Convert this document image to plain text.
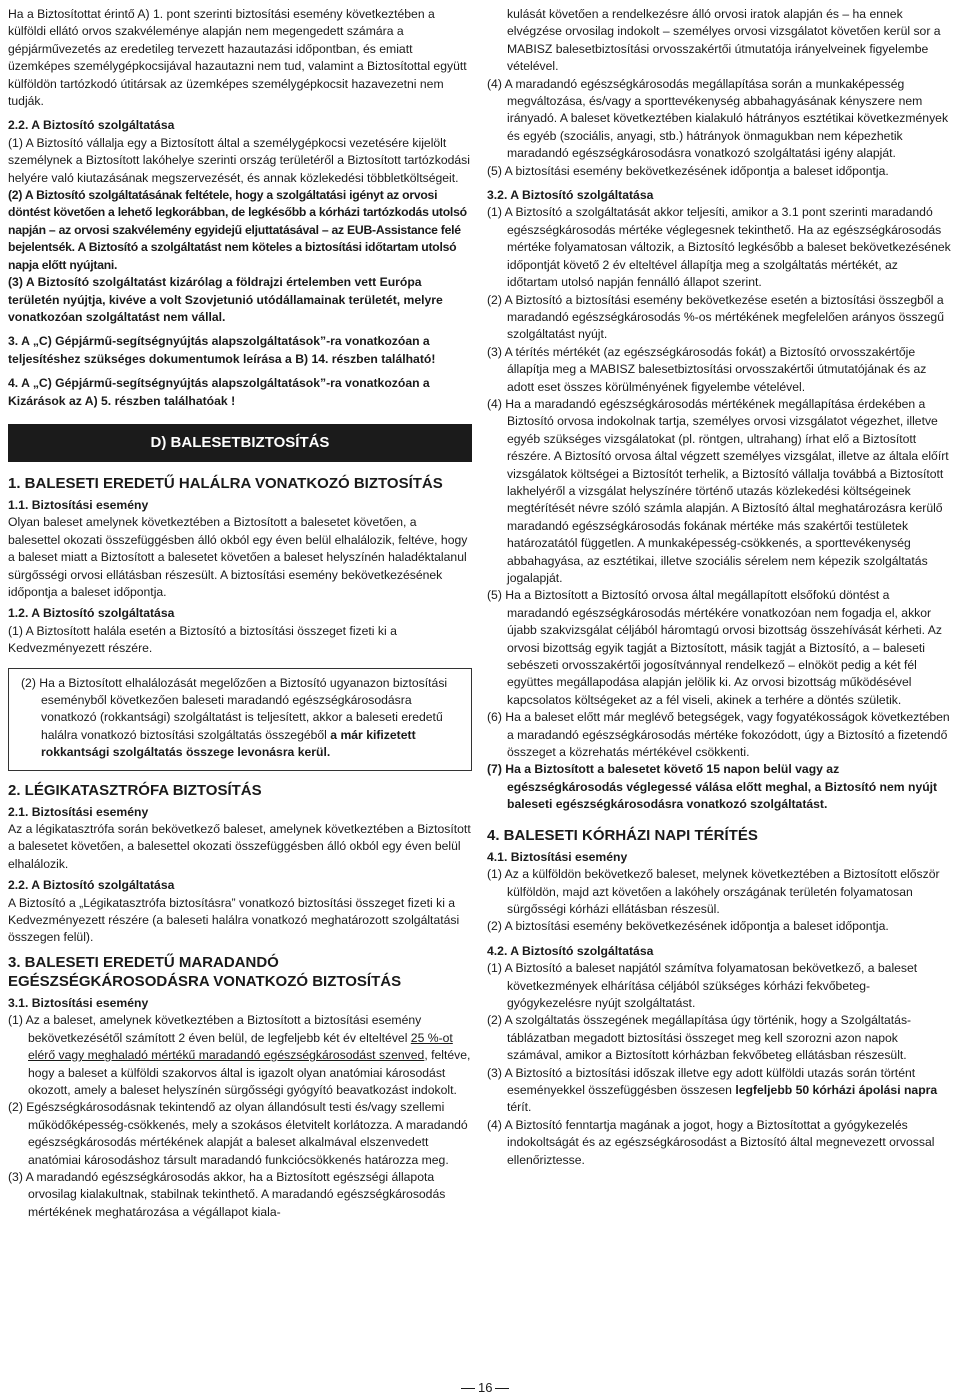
Ha a Biztosítottat érintő A) 1. pont szerinti biztosítási esemény következtében a külföldi ellátó orvos szakvéleménye alapján nem megengedett számára a gépjárművezetés az eredetileg tervezett hazautazási időpontban, és emiatt üzemképes személygépkocsijával hazautazni nem tud, valamint a Biztosítottal együtt külföldön tartózkodó útitársak az üzemképes személygépkocsit hazavezetni nem tudják.

2.2. A Biztosító szolgáltatása

(1) A Biztosító vállalja egy a Biztosított által a személygépkocsi vezetésére kijelölt személynek a Biztosított lakóhelye szerinti ország területéről a Biztosított tartózkodási helyére való kiutazásának megszervezését, és annak közlekedési többletköltségeit.

(2) A Biztosító szolgáltatásának feltétele, hogy a szolgáltatási igényt az orvosi döntést követően a lehető legkorábban, de legkésőbb a kórházi tartózkodás utolsó napján – az orvosi szakvélemény egyidejű eljuttatásával – az EUB-Assistance felé bejelentsék. A Biztosító a szolgáltatást nem köteles a biztosítási időtartam utolsó napja előtt nyújtani.

(3) A Biztosító szolgáltatást kizárólag a földrajzi értelemben vett Európa területén nyújtja, kivéve a volt Szovjetunió utódállamainak területét, melyre vonatkozóan szolgáltatást nem vállal.

3. A „C) Gépjármű-segítségnyújtás alapszolgáltatások”-ra vonatkozóan a teljesítéshez szükséges dokumentumok leírása a B) 14. részben található!

4. A „C) Gépjármű-segítségnyújtás alapszolgáltatások”-ra vonatkozóan a Kizárások az A) 5. részben találhatóak !

D) BALESETBIZTOSÍTÁS

1. BALESETI EREDETŰ HALÁLRA VONATKOZÓ BIZTOSÍTÁS

1.1. Biztosítási esemény

Olyan baleset amelynek következtében a Biztosított a balesetet követően, a balesettel okozati összefüggésben álló okból egy éven belül elhalálozik, feltéve, hogy a baleset miatt a Biztosított a balesetet követően a baleset helyszínén haladéktalanul sürgősségi orvosi ellátásban részesült. A biztosítási esemény bekövetkezésének időpontja a baleset időpontja.

1.2. A Biztosító szolgáltatása

(1) A Biztosított halála esetén a Biztosító a biztosítási összeget fizeti ki a Kedvezményezett részére.

(2) Ha a Biztosított elhalálozását megelőzően a Biztosító ugyanazon biztosítási eseményből következően baleseti maradandó egészségkárosodásra vonatkozó (rokkantsági) szolgáltatást is teljesített, akkor a baleseti eredetű halálra vonatkozó biztosítási szolgáltatás összegéből a már kifizetett rokkantsági szolgáltatás összege levonásra kerül.

2. LÉGIKATASZTRÓFA BIZTOSÍTÁS

2.1. Biztosítási esemény

Az a légikatasztrófa során bekövetkező baleset, amelynek következtében a Biztosított a balesetet követően, a balesettel okozati összefüggésben álló okból egy éven belül elhalálozik.

2.2. A Biztosító szolgáltatása

A Biztosító a „Légikatasztrófa biztosításra” vonatkozó biztosítási összeget fizeti ki a Kedvezményezett részére (a baleseti halálra vonatkozó meghatározott szolgáltatási összegen felül).

3. BALESETI EREDETŰ MARADANDÓ EGÉSZSÉGKÁROSODÁSRA VONATKOZÓ BIZTOSÍTÁS

3.1. Biztosítási esemény

(1) Az a baleset, amelynek következtében a Biztosított a biztosítási esemény bekövetkezésétől számított 2 éven belül, de legfeljebb két év elteltével 25 %-ot elérő vagy meghaladó mértékű maradandó egészségkárosodást szenved, feltéve, hogy a baleset a külföldi szakorvos által is igazolt olyan anatómiai károsodást okozott, amely a baleset helyszínén sürgősségi gyógyító beavatkozást indokolt.

(2) Egészségkárosodásnak tekintendő az olyan állandósult testi és/vagy szellemi működőképesség-csökkenés, mely a szokásos életvitelt korlátozza. A maradandó egészségkárosodás mértékének alapját a baleset alkalmával elszenvedett anatómiai károsodáshoz társult maradandó funkciócsökkenés határozza meg.

(3) A maradandó egészségkárosodás akkor, ha a Biztosított egészségi állapota orvosilag kialakultnak, stabilnak tekinthető. A maradandó egészségkárosodás mértékének meghatározása a végállapot kiala-

kulását követően a rendelkezésre álló orvosi iratok alapján és – ha ennek elvégzése orvosilag indokolt – személyes orvosi vizsgálatot követően kerül sor a MABISZ balesetbiztosítási orvosszakértői útmutatója irányelveinek figyelembe vételével.

(4) A maradandó egészségkárosodás megállapítása során a munkaképesség megváltozása, és/vagy a sporttevékenység abbahagyásának kényszere nem irányadó. A baleset következtében kialakuló hátrányos esztétikai következmények és egyéb (szociális, anyagi, stb.) hátrányok önmagukban nem képezhetik maradandó egészségkárosodásra vonatkozó szolgáltatási igény alapját.

(5) A biztosítási esemény bekövetkezésének időpontja a baleset időpontja.

3.2. A Biztosító szolgáltatása

(1) A Biztosító a szolgáltatását akkor teljesíti, amikor a 3.1 pont szerinti maradandó egészségkárosodás mértéke véglegesnek tekinthető. Ha az egészségkárosodás mértéke folyamatosan változik, a Biztosító legkésőbb a baleset bekövetkezésének időpontját követő 2 év elteltével állapítja meg a szolgáltatás mértékét, az időtartam utolsó napján fennálló állapot szerint.

(2) A Biztosító a biztosítási esemény bekövetkezése esetén a biztosítási összegből a maradandó egészségkárosodás %-os mértékének megfelelően arányos összegű szolgáltatást nyújt.

(3) A térítés mértékét (az egészségkárosodás fokát) a Biztosító orvosszakértője állapítja meg a MABISZ balesetbiztosítási orvosszakértői útmutatójának és az adott eset összes körülményének figyelembe vételével.

(4) Ha a maradandó egészségkárosodás mértékének megállapítása érdekében a Biztosító orvosa indokolnak tartja, személyes orvosi vizsgálatot végezhet, illetve egyéb szükséges vizsgálatokat (pl. röntgen, ultrahang) írhat elő a Biztosított részére. A Biztosító orvosa által végzett személyes vizsgálat, illetve az általa előírt vizsgálatok költségei a Biztosítót terhelik, a Biztosító vállalja továbbá a Biztosított lakhelyéről a vizsgálat helyszínére történő utazás közlekedési költségeinek megtérítését névre szóló számla alapján. A Biztosító által meghatározásra kerülő maradandó egészségkárosodás fokának mértéke más szakértői testületek határozatától független. A munkaképesség-csökkenés, a sporttevékenység abbahagyása, az esztétikai, illetve szociális sérelem nem képezik szolgáltatás jogalapját.

(5) Ha a Biztosított a Biztosító orvosa által megállapított elsőfokú döntést a maradandó egészségkárosodás mértékére vonatkozóan nem fogadja el, akkor újabb szakvizsgálat céljából háromtagú orvosi bizottság összehívását kérheti. Az orvosi bizottság egyik tagját a Biztosított, másik tagját a Biztosító, a – baleseti sebészeti orvosszakértői jogosítvánnyal rendelkező – elnököt pedig a két fél együttes megállapodása alapján jelölik ki. Az orvosi bizottság működésével kapcsolatos költségeket az a fél viseli, akinek a terhére a döntés születik.

(6) Ha a baleset előtt már meglévő betegségek, vagy fogyatékosságok következtében a maradandó egészségkárosodás mértéke fokozódott, úgy a Biztosító a fizetendő összeget a közrehatás mértékével csökkenti.

(7) Ha a Biztosított a balesetet követő 15 napon belül vagy az egészségkárosodás véglegessé válása előtt meghal, a Biztosító nem nyújt baleseti egészségkárosodásra vonatkozó szolgáltatást.

4. BALESETI KÓRHÁZI NAPI TÉRÍTÉS

4.1. Biztosítási esemény

(1) Az a külföldön bekövetkező baleset, melynek következtében a Biztosított először külföldön, majd azt követően a lakóhely országának területén folyamatosan sürgősségi kórházi ellátásban részesül.

(2) A biztosítási esemény bekövetkezésének időpontja a baleset időpontja.

4.2. A Biztosító szolgáltatása

(1) A Biztosító a baleset napjától számítva folyamatosan bekövetkező, a baleset következmények elhárítása céljából szükséges kórházi fekvőbeteg-gyógykezelésre nyújt szolgáltatást.

(2) A szolgáltatás összegének megállapítása úgy történik, hogy a Szolgáltatás-táblázatban megadott biztosítási összeget meg kell szorozni azon napok számával, amikor a Biztosított kórházban fekvőbeteg ellátásban részesült.

(3) A Biztosító a biztosítási időszak illetve egy adott külföldi utazás során történt eseményekkel összefüggésben összesen legfeljebb 50 kórházi ápolási napra térít.

(4) A Biztosító fenntartja magának a jogot, hogy a Biztosítottat a gyógykezelés indokoltságát és az egészségkárosodást a Biztosító által megnevezett orvossal ellenőriztesse.

16
